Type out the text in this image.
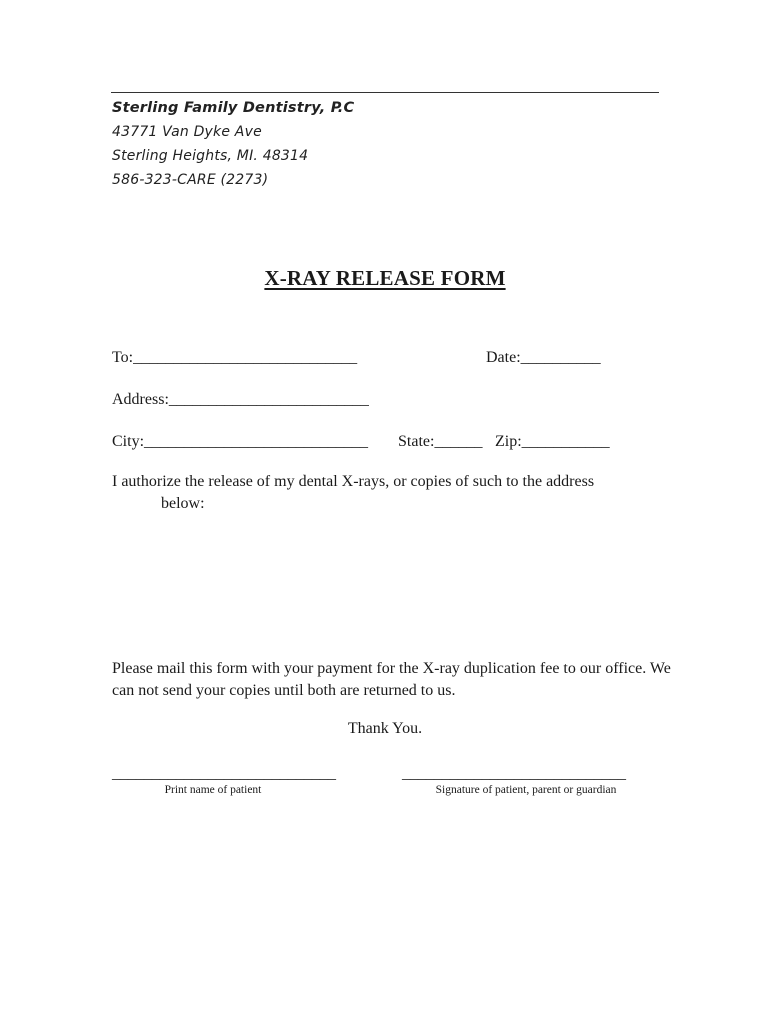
Sterling Family Dentistry, P.C
43771 Van Dyke Ave
Sterling Heights, MI. 48314
586-323-CARE (2273)
X-RAY RELEASE FORM
To:____________________________	Date:__________
Address:_________________________
City:____________________________ State:______ Zip:___________
I authorize the release of my dental X-rays, or copies of such to the address
below:
Please mail this form with your payment for the X-ray duplication fee to our office. We can not send your copies until both are returned to us.
Thank You.
____________________________	____________________________
Print name of patient	Signature of patient, parent or guardian
